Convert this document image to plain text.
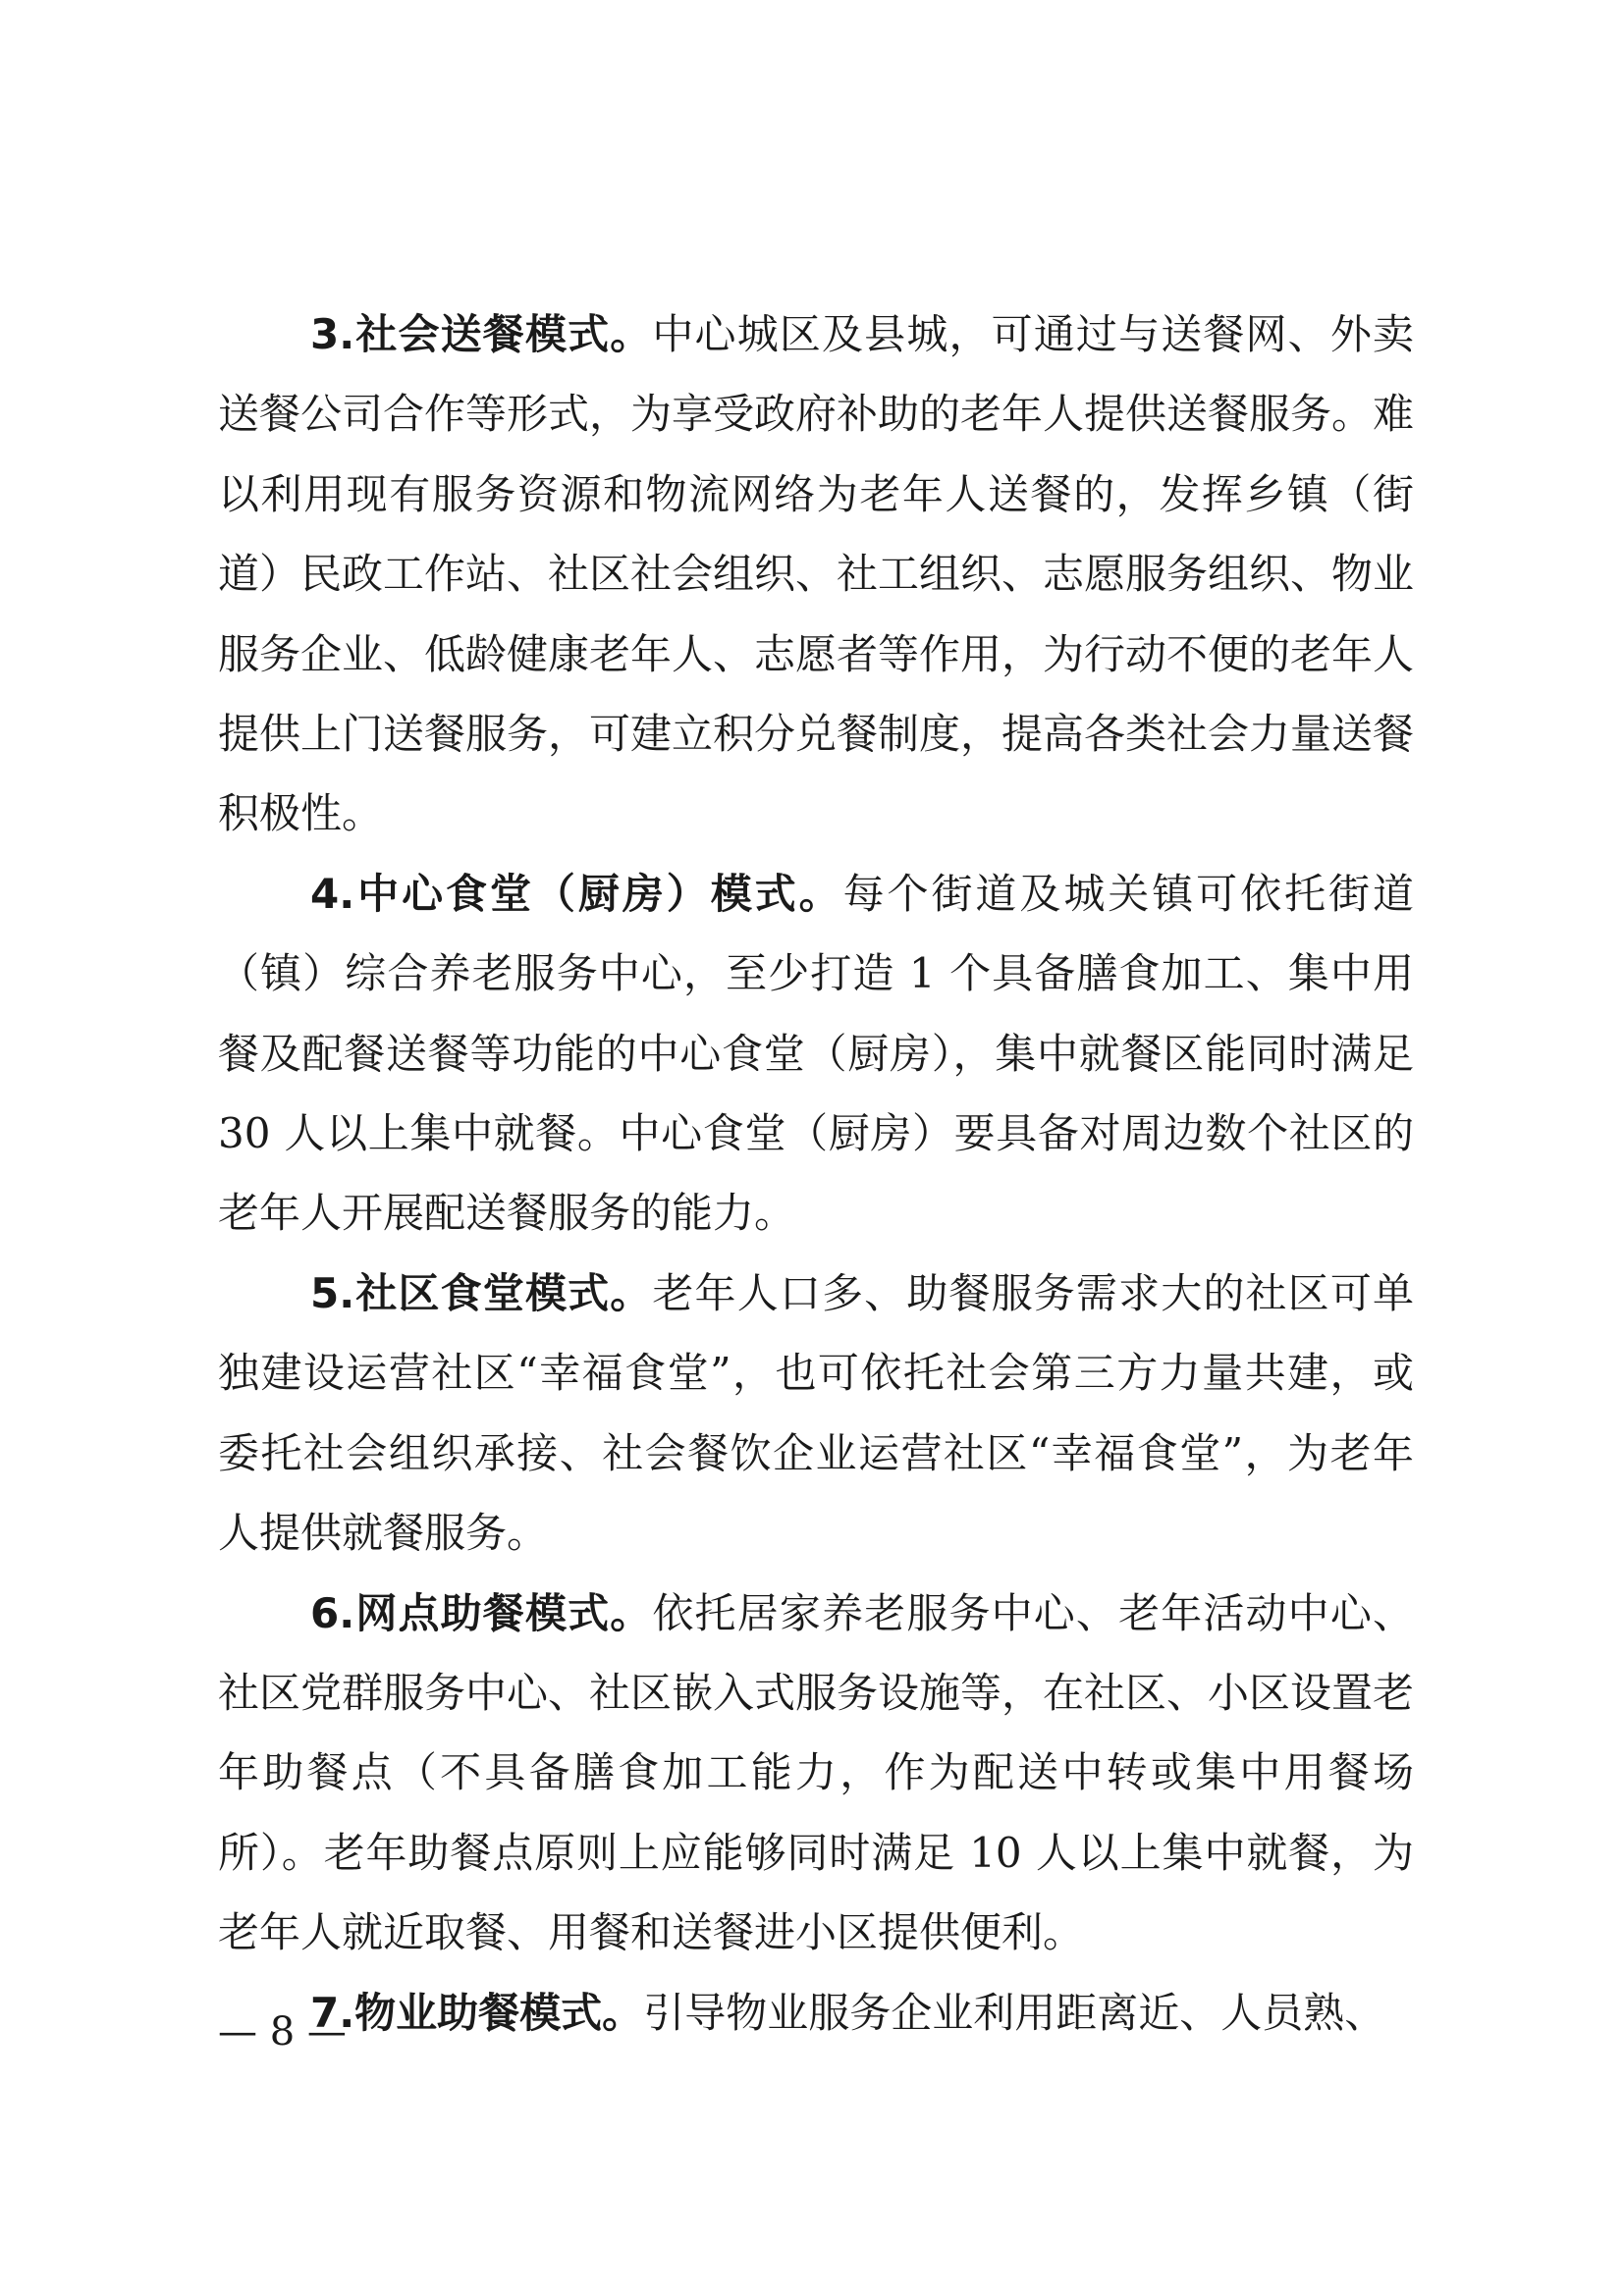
3.社会送餐模式。中心城区及县城，可通过与送餐网、外卖送餐公司合作等形式，为享受政府补助的老年人提供送餐服务。难以利用现有服务资源和物流网络为老年人送餐的，发挥乡镇（街道）民政工作站、社区社会组织、社工组织、志愿服务组织、物业服务企业、低龄健康老年人、志愿者等作用，为行动不便的老年人提供上门送餐服务，可建立积分兑餐制度，提高各类社会力量送餐积极性。

4.中心食堂（厨房）模式。每个街道及城关镇可依托街道（镇）综合养老服务中心，至少打造 1 个具备膳食加工、集中用餐及配餐送餐等功能的中心食堂（厨房），集中就餐区能同时满足 30 人以上集中就餐。中心食堂（厨房）要具备对周边数个社区的老年人开展配送餐服务的能力。

5.社区食堂模式。老年人口多、助餐服务需求大的社区可单独建设运营社区“幸福食堂”，也可依托社会第三方力量共建，或委托社会组织承接、社会餐饮企业运营社区“幸福食堂”，为老年人提供就餐服务。

6.网点助餐模式。依托居家养老服务中心、老年活动中心、社区党群服务中心、社区嵌入式服务设施等，在社区、小区设置老年助餐点（不具备膳食加工能力，作为配送中转或集中用餐场所）。老年助餐点原则上应能够同时满足 10 人以上集中就餐，为老年人就近取餐、用餐和送餐进小区提供便利。

7.物业助餐模式。引导物业服务企业利用距离近、人员熟、

— 8 —
